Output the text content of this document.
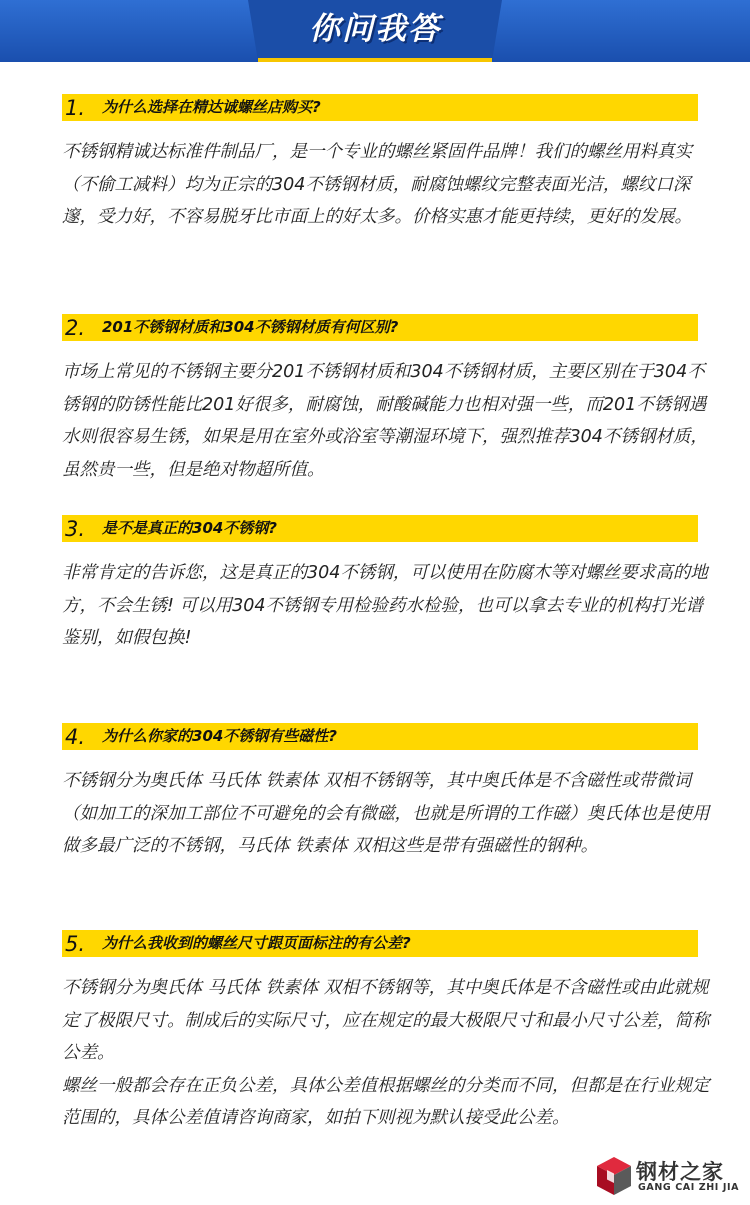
你问我答
1. 为什么选择在精达诚螺丝店购买?

不锈钢精诚达标准件制品厂，是一个专业的螺丝紧固件品牌！我们的螺丝用料真实（不偷工减料）均为正宗的304不锈钢材质，耐腐蚀螺纹完整表面光洁，螺纹口深邃，受力好，不容易脱牙比市面上的好太多。价格实惠才能更持续，更好的发展。

2. 201不锈钢材质和304不锈钢材质有何区别?

市场上常见的不锈钢主要分201不锈钢材质和304不锈钢材质，主要区别在于304不锈钢的防锈性能比201好很多，耐腐蚀，耐酸碱能力也相对强一些，而201不锈钢遇水则很容易生锈，如果是用在室外或浴室等潮湿环境下，强烈推荐304不锈钢材质，虽然贵一些，但是绝对物超所值。

3. 是不是真正的304不锈钢?

非常肯定的告诉您，这是真正的304不锈钢，可以使用在防腐木等对螺丝要求高的地方，不会生锈! 可以用304不锈钢专用检验药水检验，也可以拿去专业的机构打光谱鉴别，如假包换!

4. 为什么你家的304不锈钢有些磁性?

不锈钢分为奥氏体 马氏体 铁素体 双相不锈钢等，其中奥氏体是不含磁性或带微词（如加工的深加工部位不可避免的会有微磁，也就是所谓的工作磁）奥氏体也是使用做多最广泛的不锈钢，马氏体 铁素体 双相这些是带有强磁性的钢种。

5. 为什么我收到的螺丝尺寸跟页面标注的有公差?

不锈钢分为奥氏体 马氏体 铁素体 双相不锈钢等，其中奥氏体是不含磁性或由此就规定了极限尺寸。制成后的实际尺寸，应在规定的最大极限尺寸和最小尺寸公差，简称公差。

螺丝一般都会存在正负公差，具体公差值根据螺丝的分类而不同，但都是在行业规定范围的，具体公差值请咨询商家，如拍下则视为默认接受此公差。

钢材之家
GANG CAI ZHI JIA
